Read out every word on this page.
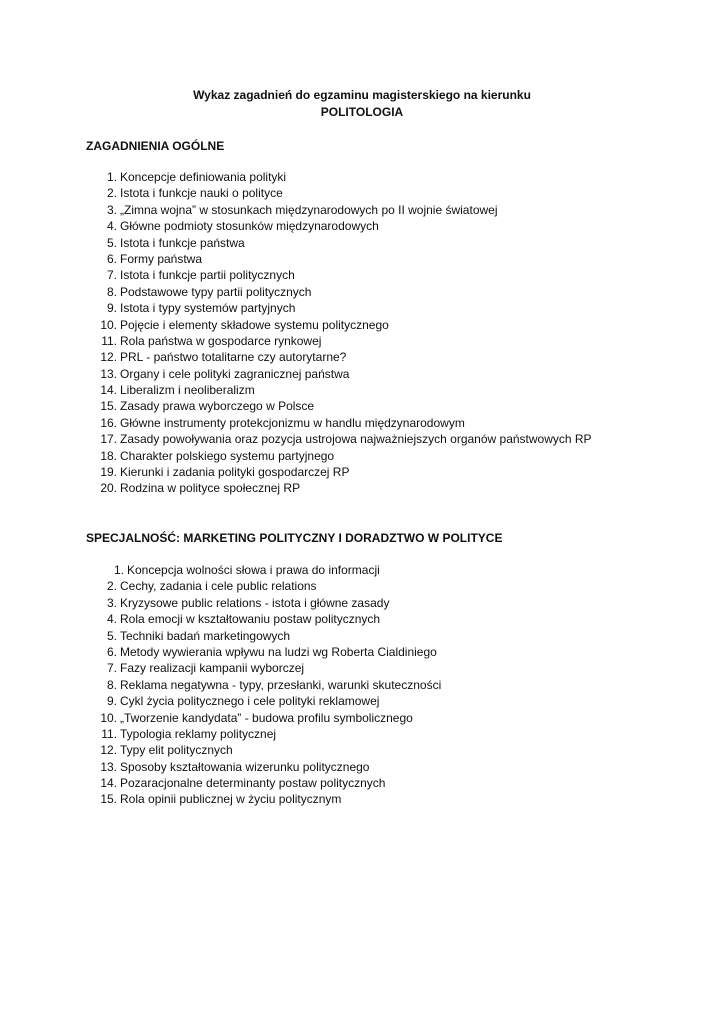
Wykaz zagadnień do egzaminu magisterskiego na kierunku
POLITOLOGIA
ZAGADNIENIA OGÓLNE
1. Koncepcje definiowania polityki
2. Istota i funkcje nauki o polityce
3. „Zimna wojna” w stosunkach międzynarodowych po II wojnie światowej
4. Główne podmioty stosunków międzynarodowych
5. Istota i funkcje państwa
6. Formy państwa
7. Istota i funkcje partii politycznych
8. Podstawowe typy partii politycznych
9. Istota i typy systemów partyjnych
10. Pojęcie i elementy składowe systemu politycznego
11. Rola państwa w gospodarce rynkowej
12. PRL - państwo totalitarne czy autorytarne?
13. Organy i cele polityki zagranicznej państwa
14. Liberalizm i neoliberalizm
15. Zasady prawa wyborczego w Polsce
16. Główne instrumenty protekcjonizmu w handlu międzynarodowym
17. Zasady powoływania oraz pozycja ustrojowa najważniejszych organów państwowych RP
18. Charakter polskiego systemu partyjnego
19. Kierunki i zadania polityki gospodarczej RP
20. Rodzina w polityce społecznej RP
SPECJALNOŚĆ: MARKETING POLITYCZNY I DORADZTWO W POLITYCE
1. Koncepcja wolności słowa i prawa do informacji
2. Cechy, zadania i cele public relations
3. Kryzysowe public relations - istota i główne zasady
4. Rola emocji w kształtowaniu postaw politycznych
5. Techniki badań marketingowych
6. Metody wywierania wpływu na ludzi wg Roberta Cialdiniego
7. Fazy realizacji kampanii wyborczej
8. Reklama negatywna - typy, przesłanki, warunki skuteczności
9. Cykl życia politycznego i cele polityki reklamowej
10. „Tworzenie kandydata” - budowa profilu symbolicznego
11. Typologia reklamy politycznej
12. Typy elit politycznych
13. Sposoby kształtowania wizerunku politycznego
14. Pozaracjonalne determinanty postaw politycznych
15. Rola opinii publicznej w życiu politycznym
